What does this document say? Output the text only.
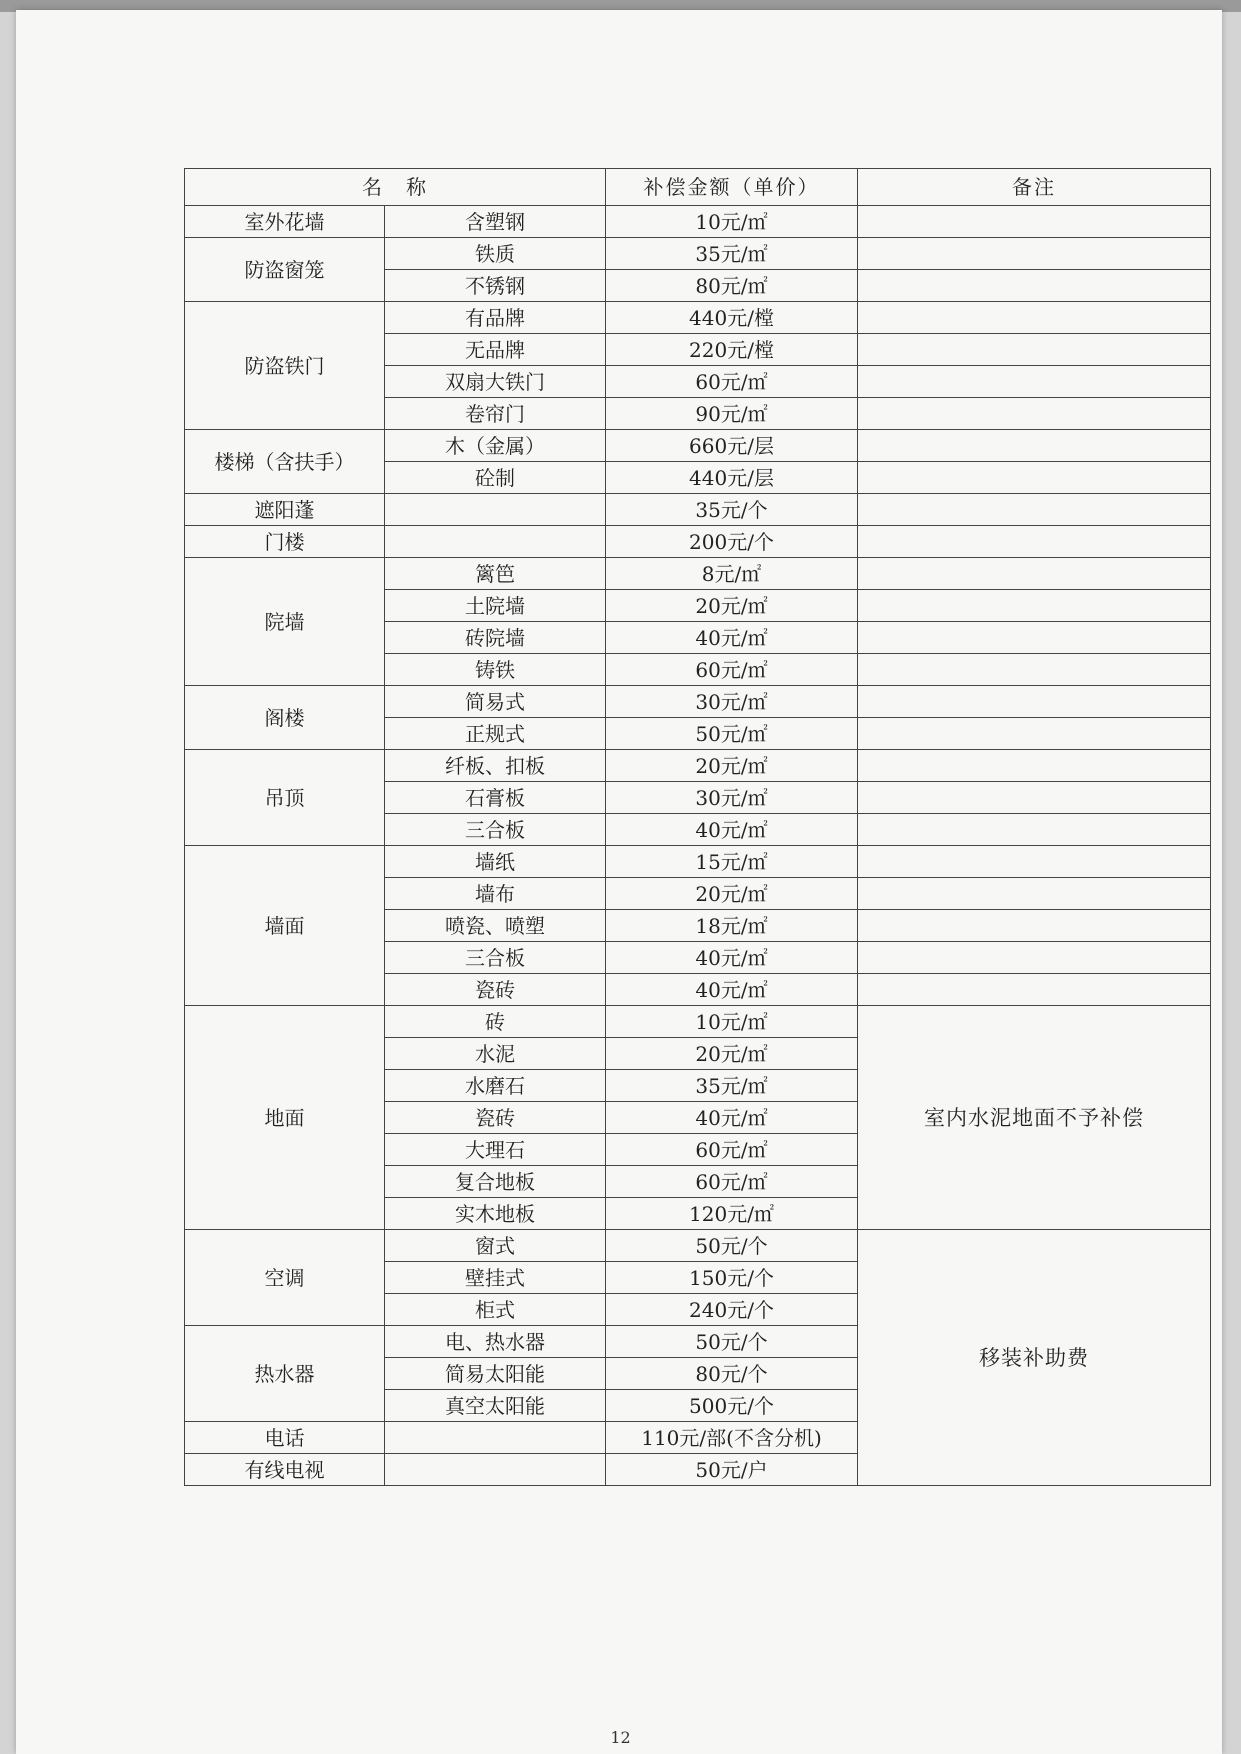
名　称		补偿金额（单价）	备注
室外花墙	含塑钢	10元/㎡	
防盗窗笼	铁质	35元/㎡	
	不锈钢	80元/㎡	
防盗铁门	有品牌	440元/樘	
	无品牌	220元/樘	
	双扇大铁门	60元/㎡	
	卷帘门	90元/㎡	
楼梯（含扶手）	木（金属）	660元/层	
	砼制	440元/层	
遮阳蓬		35元/个	
门楼		200元/个	
院墙	篱笆	8元/㎡	
	土院墙	20元/㎡	
	砖院墙	40元/㎡	
	铸铁	60元/㎡	
阁楼	简易式	30元/㎡	
	正规式	50元/㎡	
吊顶	纤板、扣板	20元/㎡	
	石膏板	30元/㎡	
	三合板	40元/㎡	
墙面	墙纸	15元/㎡	
	墙布	20元/㎡	
	喷瓷、喷塑	18元/㎡	
	三合板	40元/㎡	
	瓷砖	40元/㎡	
地面	砖	10元/㎡	室内水泥地面不予补偿
	水泥	20元/㎡	
	水磨石	35元/㎡	
	瓷砖	40元/㎡	
	大理石	60元/㎡	
	复合地板	60元/㎡	
	实木地板	120元/㎡	
空调	窗式	50元/个	移装补助费
	壁挂式	150元/个	
	柜式	240元/个	
热水器	电、热水器	50元/个	
	简易太阳能	80元/个	
	真空太阳能	500元/个	
电话		110元/部(不含分机)	
有线电视		50元/户	
12
